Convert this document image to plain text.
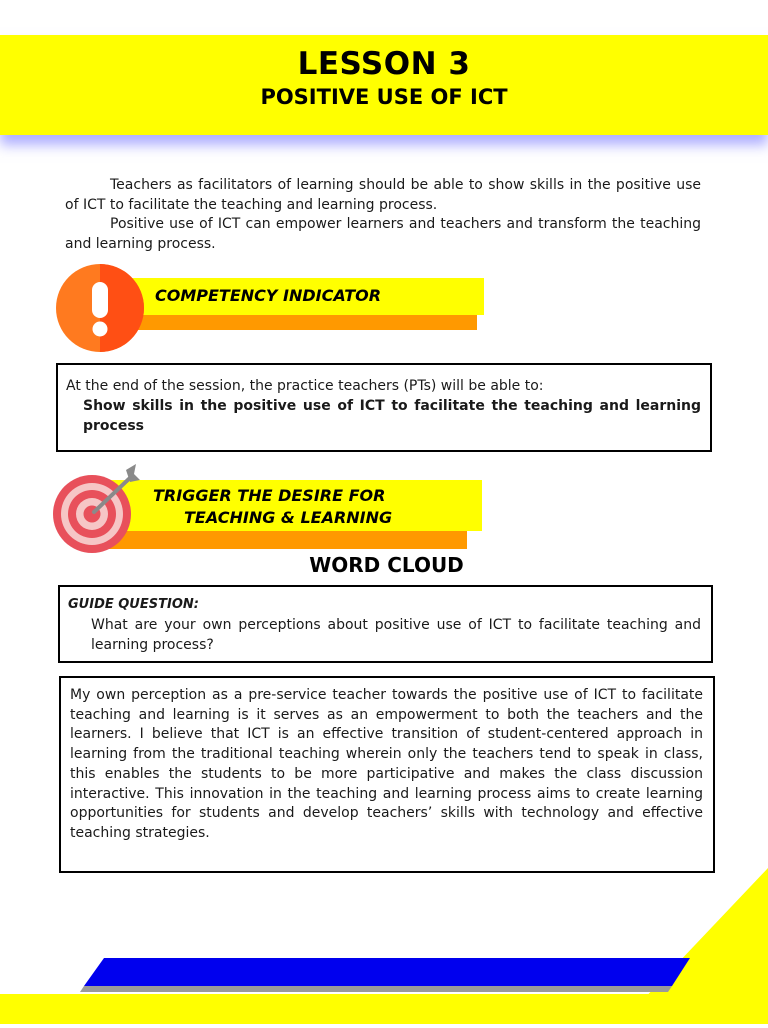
LESSON 3
POSITIVE USE OF ICT

Teachers as facilitators of learning should be able to show skills in the positive use of ICT to facilitate the teaching and learning process.

Positive use of ICT can empower learners and teachers and transform the teaching and learning process.

COMPETENCY INDICATOR
At the end of the session, the practice teachers (PTs) will be able to:
Show skills in the positive use of ICT to facilitate the teaching and learning process
TRIGGER THE DESIRE FOR
TEACHING & LEARNING
WORD CLOUD
GUIDE QUESTION:
What are your own perceptions about positive use of ICT to facilitate teaching and learning process?
My own perception as a pre-service teacher towards the positive use of ICT to facilitate teaching and learning is it serves as an empowerment to both the teachers and the learners. I believe that ICT is an effective transition of student-centered approach in learning from the traditional teaching wherein only the teachers tend to speak in class, this enables the students to be more participative and makes the class discussion interactive. This innovation in the teaching and learning process aims to create learning opportunities for students and develop teachers’ skills with technology and effective teaching strategies.
